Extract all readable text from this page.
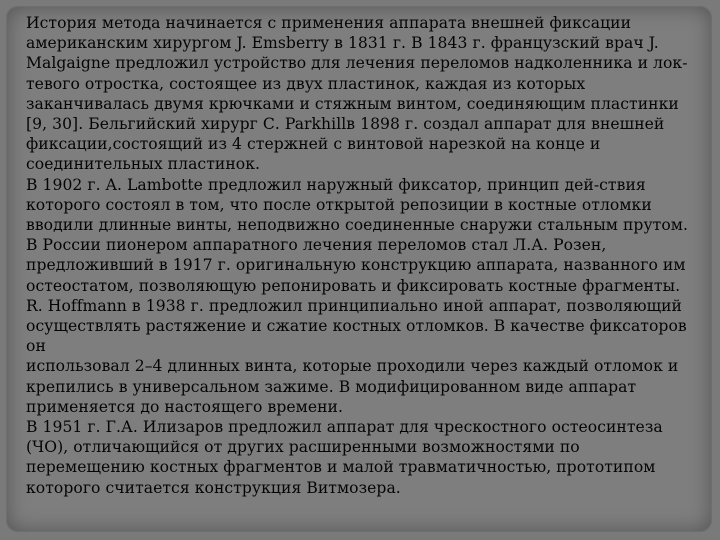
История метода начинается с применения аппарата внешней фиксации
американским хирургом J. Emsberry в 1831 г. В 1843 г. французский врач J.
Malgaigne предложил устройство для лечения переломов надколенника и лок-
тевого отростка, состоящее из двух пластинок, каждая из которых
заканчивалась двумя крючками и стяжным винтом, соединяющим пластинки
[9, 30]. Бельгийский хирург С. Parkhillв 1898 г. создал аппарат для внешней
фиксации,состоящий из 4 стержней с винтовой нарезкой на конце и
соединительных пластинок.

В 1902 г. A. Lambotte предложил наружный фиксатор, принцип дей-ствия
которого состоял в том, что после открытой репозиции в костные отломки
вводили длинные винты, неподвижно соединенные снаружи стальным прутом.

В России пионером аппаратного лечения переломов стал Л.А. Розен,
предложивший в 1917 г. оригинальную конструкцию аппарата, названного им
остеостатом, позволяющую репонировать и фиксировать костные фрагменты.

R. Hoffmann в 1938 г. предложил принципиально иной аппарат, позволяющий
осуществлять растяжение и сжатие костных отломков. В качестве фиксаторов
он

использовал 2–4 длинных винта, которые проходили через каждый отломок и
крепились в универсальном зажиме. В модифицированном виде аппарат
применяется до настоящего времени.

В 1951 г. Г.А. Илизаров предложил аппарат для чрескостного остеосинтеза
(ЧО), отличающийся от других расширенными возможностями по
перемещению костных фрагментов и малой травматичностью, прототипом
которого считается конструкция Витмозера.
